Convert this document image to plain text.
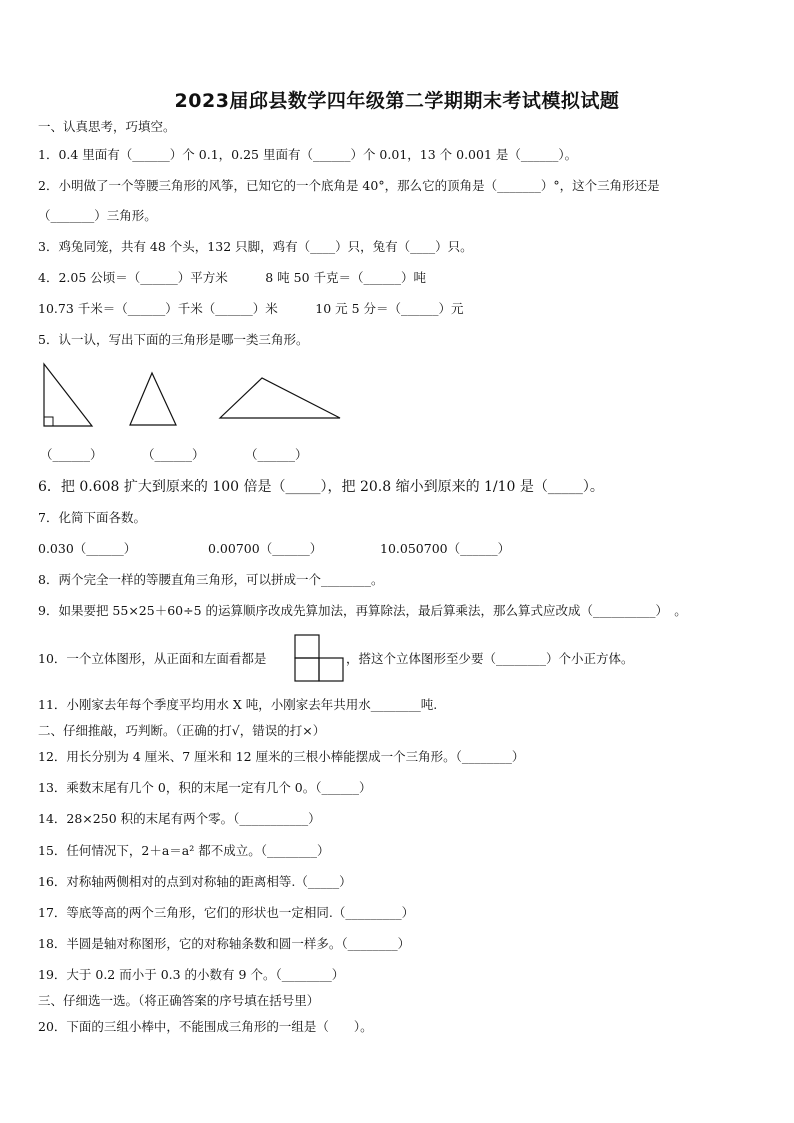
2023届邱县数学四年级第二学期期末考试模拟试题
一、认真思考，巧填空。
1．0.4 里面有（______）个 0.1，0.25 里面有（______）个 0.01，13 个 0.001 是（______）。
2．小明做了一个等腰三角形的风筝，已知它的一个底角是 40°，那么它的顶角是（_______）°，这个三角形还是
（_______）三角形。
3．鸡兔同笼，共有 48 个头，132 只脚，鸡有（____）只，兔有（____）只。
4．2.05 公顷＝（______）平方米　　　8 吨 50 千克＝（______）吨
10.73 千米＝（______）千米（______）米　　　10 元 5 分＝（______）元
5．认一认，写出下面的三角形是哪一类三角形。
（______）	（______）	（______）
6．把 0.608 扩大到原来的 100 倍是（_____），把 20.8 缩小到原来的 1/10 是（_____）。
7．化简下面各数。
0.030（______）	0.00700（______）	10.050700（______）
8．两个完全一样的等腰直角三角形，可以拼成一个________。
9．如果要把 55×25＋60÷5 的运算顺序改成先算加法，再算除法，最后算乘法，那么算式应改成（__________）　。
10．一个立体图形，从正面和左面看都是	，搭这个立体图形至少要（________）个小正方体。
11．小刚家去年每个季度平均用水 X 吨，小刚家去年共用水________吨.
二、仔细推敲，巧判断。（正确的打√，错误的打×）
12．用长分别为 4 厘米、7 厘米和 12 厘米的三根小棒能摆成一个三角形。（________）
13．乘数末尾有几个 0，积的末尾一定有几个 0。（______）
14．28×250 积的末尾有两个零。（___________）
15．任何情况下，2＋a＝a² 都不成立。（________）
16．对称轴两侧相对的点到对称轴的距离相等.（_____）
17．等底等高的两个三角形，它们的形状也一定相同.（_________）
18．半圆是轴对称图形，它的对称轴条数和圆一样多。（________）
19．大于 0.2 而小于 0.3 的小数有 9 个。（________）
三、仔细选一选。（将正确答案的序号填在括号里）
20．下面的三组小棒中，不能围成三角形的一组是（　　）。
